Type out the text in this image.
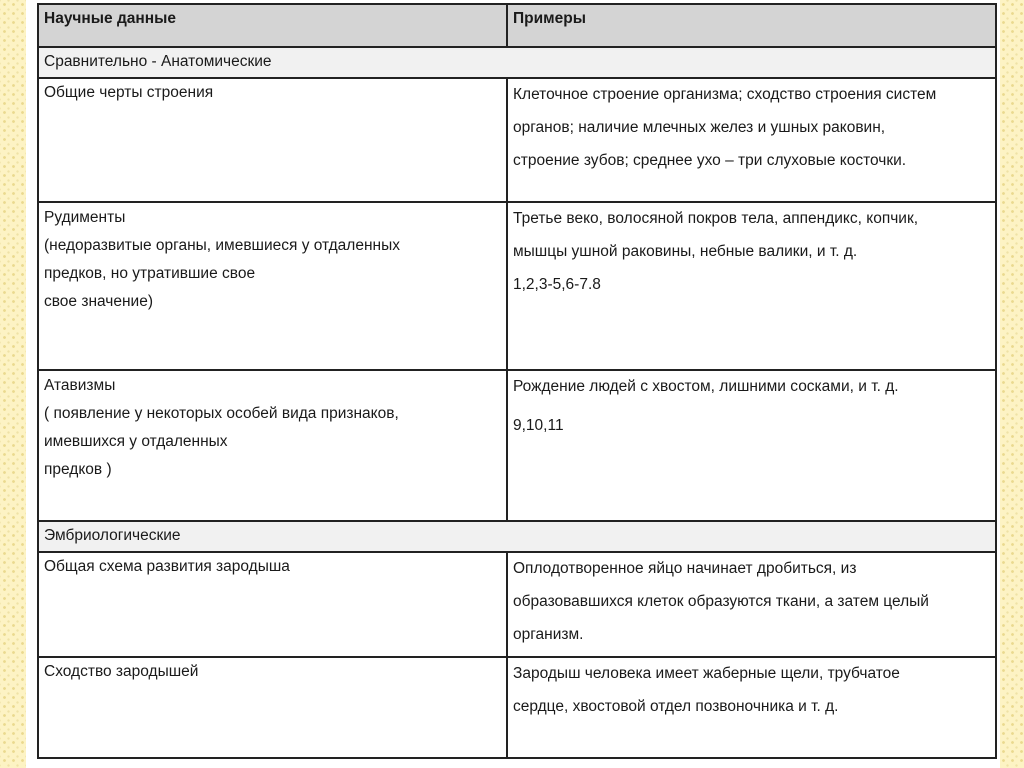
Научные данные	Примеры
Сравнительно - Анатомические	

Общие черты строения	Клеточное строение организма; сходство строения систем
органов; наличие млечных желез и ушных раковин,
строение зубов; среднее ухо – три слуховые косточки.

Рудименты
(недоразвитые органы, имевшиеся у отдаленных
предков, но утратившие свое
свое значение)	Третье веко, волосяной покров тела, аппендикс, копчик,
мышцы ушной раковины, небные валики, и т. д.
1,2,3-5,6-7.8

Атавизмы
( появление у некоторых особей вида признаков,
имевшихся у отдаленных
предков )	Рождение людей с хвостом, лишними сосками, и т. д.
9,10,11

Эмбриологические	

Общая схема развития зародыша	Оплодотворенное яйцо начинает дробиться, из
образовавшихся клеток образуются ткани, а затем целый
организм.

Сходство зародышей	Зародыш человека имеет жаберные щели, трубчатое
сердце, хвостовой отдел позвоночника и т. д.
